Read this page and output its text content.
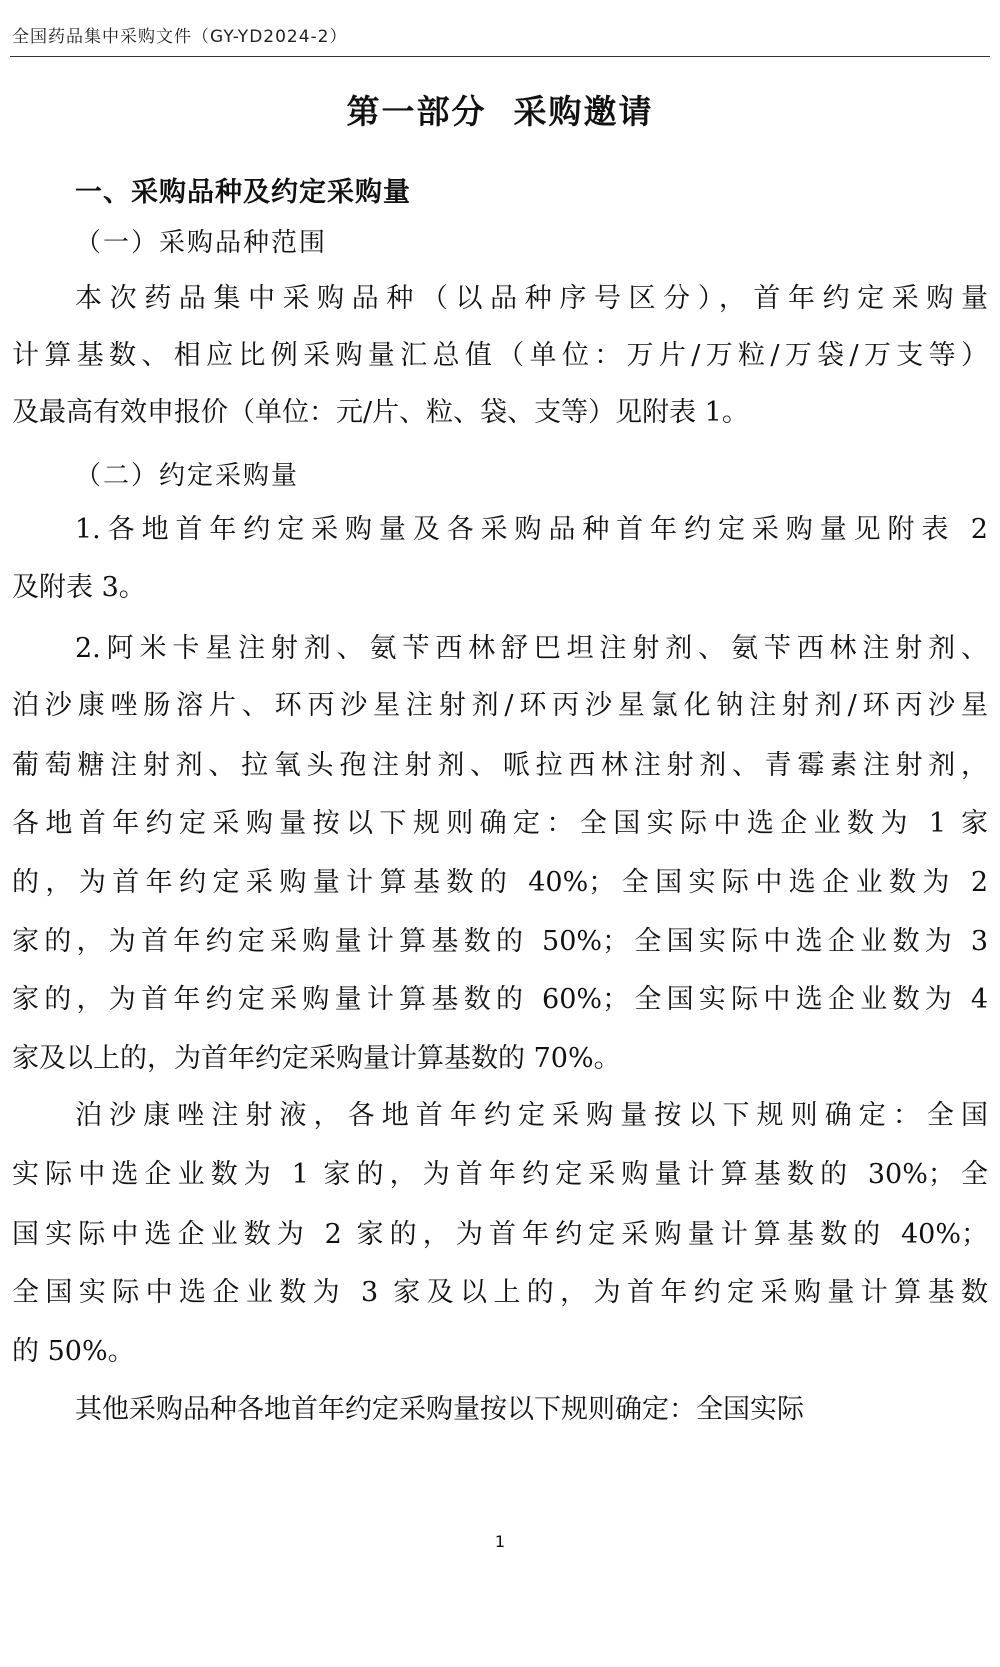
全国药品集中采购文件（GY-YD2024-2）
第一部分  采购邀请
一、采购品种及约定采购量
（一）采购品种范围
本次药品集中采购品种（以品种序号区分），首年约定采购量
计算基数、相应比例采购量汇总值（单位：万片/万粒/万袋/万支等）
及最高有效申报价（单位：元/片、粒、袋、支等）见附表 1。
（二）约定采购量
1.各地首年约定采购量及各采购品种首年约定采购量见附表 2
及附表 3。
2.阿米卡星注射剂、氨苄西林舒巴坦注射剂、氨苄西林注射剂、
泊沙康唑肠溶片、环丙沙星注射剂/环丙沙星氯化钠注射剂/环丙沙星
葡萄糖注射剂、拉氧头孢注射剂、哌拉西林注射剂、青霉素注射剂，
各地首年约定采购量按以下规则确定：全国实际中选企业数为 1 家
的，为首年约定采购量计算基数的 40%；全国实际中选企业数为 2
家的，为首年约定采购量计算基数的 50%；全国实际中选企业数为 3
家的，为首年约定采购量计算基数的 60%；全国实际中选企业数为 4
家及以上的，为首年约定采购量计算基数的 70%。
泊沙康唑注射液，各地首年约定采购量按以下规则确定：全国
实际中选企业数为 1 家的，为首年约定采购量计算基数的 30%；全
国实际中选企业数为 2 家的，为首年约定采购量计算基数的 40%；
全国实际中选企业数为 3 家及以上的，为首年约定采购量计算基数
的 50%。
其他采购品种各地首年约定采购量按以下规则确定：全国实际
1
